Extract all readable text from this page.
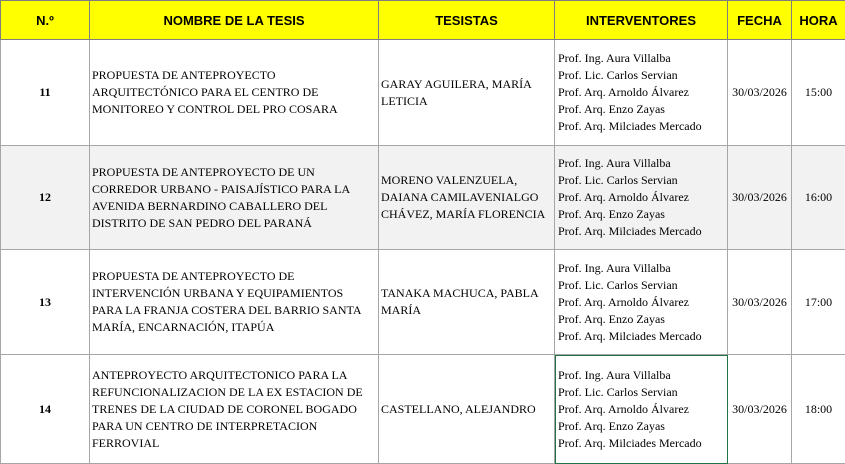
N.º	NOMBRE DE LA TESIS	TESISTAS	INTERVENTORES	FECHA	HORA
11	PROPUESTA DE ANTEPROYECTO ARQUITECTÓNICO PARA EL CENTRO DE MONITOREO Y CONTROL DEL PRO COSARA	GARAY AGUILERA, MARÍA LETICIA	Prof. Ing. Aura Villalba
Prof. Lic. Carlos Servian
Prof. Arq. Arnoldo Álvarez
Prof. Arq. Enzo Zayas
Prof. Arq. Milciades Mercado	30/03/2026	15:00
12	PROPUESTA DE ANTEPROYECTO DE UN CORREDOR URBANO - PAISAJÍSTICO PARA LA AVENIDA BERNARDINO CABALLERO DEL DISTRITO DE SAN PEDRO DEL PARANÁ	MORENO VALENZUELA, DAIANA CAMILAVENIALGO CHÁVEZ, MARÍA FLORENCIA	Prof. Ing. Aura Villalba
Prof. Lic. Carlos Servian
Prof. Arq. Arnoldo Álvarez
Prof. Arq. Enzo Zayas
Prof. Arq. Milciades Mercado	30/03/2026	16:00
13	PROPUESTA DE ANTEPROYECTO DE INTERVENCIÓN URBANA Y EQUIPAMIENTOS PARA LA FRANJA COSTERA DEL BARRIO SANTA MARÍA, ENCARNACIÓN, ITAPÚA	TANAKA MACHUCA, PABLA MARÍA	Prof. Ing. Aura Villalba
Prof. Lic. Carlos Servian
Prof. Arq. Arnoldo Álvarez
Prof. Arq. Enzo Zayas
Prof. Arq. Milciades Mercado	30/03/2026	17:00
14	ANTEPROYECTO ARQUITECTONICO PARA LA REFUNCIONALIZACION DE LA EX ESTACION DE TRENES DE LA CIUDAD DE CORONEL BOGADO PARA UN CENTRO DE INTERPRETACION FERROVIAL	CASTELLANO, ALEJANDRO	Prof. Ing. Aura Villalba
Prof. Lic. Carlos Servian
Prof. Arq. Arnoldo Álvarez
Prof. Arq. Enzo Zayas
Prof. Arq. Milciades Mercado	30/03/2026	18:00
